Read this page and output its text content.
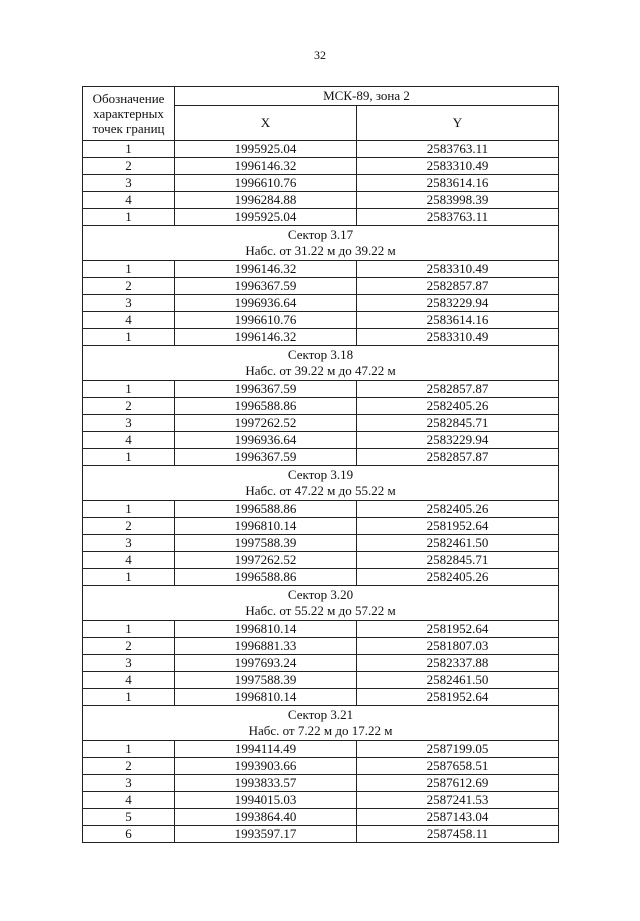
32
Обозначение характерных точек границ	МСК-89, зона 2	
	X	Y
1	1995925.04	2583763.11
2	1996146.32	2583310.49
3	1996610.76	2583614.16
4	1996284.88	2583998.39
1	1995925.04	2583763.11

Сектор 3.17
Набс. от 31.22 м до 39.22 м		

1	1996146.32	2583310.49
2	1996367.59	2582857.87
3	1996936.64	2583229.94
4	1996610.76	2583614.16
1	1996146.32	2583310.49

Сектор 3.18
Набс. от 39.22 м до 47.22 м		

1	1996367.59	2582857.87
2	1996588.86	2582405.26
3	1997262.52	2582845.71
4	1996936.64	2583229.94
1	1996367.59	2582857.87

Сектор 3.19
Набс. от 47.22 м до 55.22 м		

1	1996588.86	2582405.26
2	1996810.14	2581952.64
3	1997588.39	2582461.50
4	1997262.52	2582845.71
1	1996588.86	2582405.26

Сектор 3.20
Набс. от 55.22 м до 57.22 м		

1	1996810.14	2581952.64
2	1996881.33	2581807.03
3	1997693.24	2582337.88
4	1997588.39	2582461.50
1	1996810.14	2581952.64

Сектор 3.21
Набс. от 7.22 м до 17.22 м		

1	1994114.49	2587199.05
2	1993903.66	2587658.51
3	1993833.57	2587612.69
4	1994015.03	2587241.53
5	1993864.40	2587143.04
6	1993597.17	2587458.11
